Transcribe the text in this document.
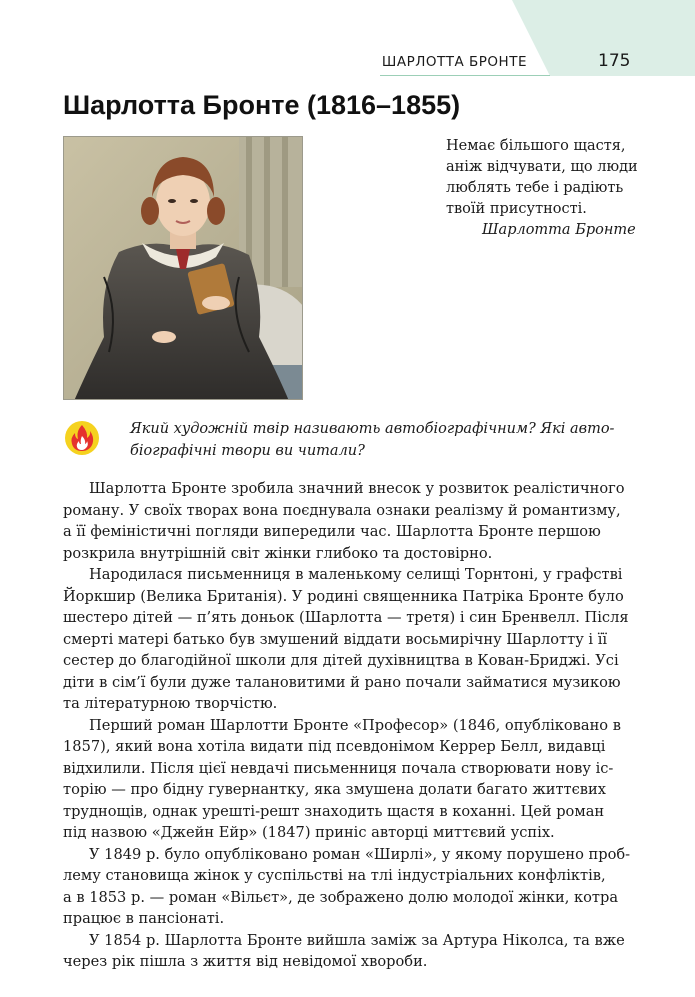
ШАРЛОТТА БРОНТЕ	175
Шарлотта Бронте (1816–1855)
Немає більшого щастя,
аніж відчувати, що люди
люблять тебе і радіють
твоїй присутності.
Шарлотта Бронте
Який художній твір називають автобіографічним? Які авто-
біографічні твори ви читали?
Шарлотта Бронте зробила значний внесок у розвиток реалістичного
роману. У своїх творах вона поєднувала ознаки реалізму й романтизму,
а її феміністичні погляди випередили час. Шарлотта Бронте першою
розкрила внутрішній світ жінки глибоко та достовірно.
Народилася письменниця в маленькому селищі Торнтоні, у графстві
Йоркшир (Велика Британія). У родині священника Патріка Бронте було
шестеро дітей — п’ять доньок (Шарлотта — третя) і син Бренвелл. Після
смерті матері батько був змушений віддати восьмирічну Шарлотту і її
сестер до благодійної школи для дітей духівництва в Кован-Бриджі. Усі
діти в сім’ї були дуже талановитими й рано почали займатися музикою
та літературною творчістю.
Перший роман Шарлотти Бронте «Професор» (1846, опубліковано в
1857), який вона хотіла видати під псевдонімом Керрер Белл, видавці
відхилили. Після цієї невдачі письменниця почала створювати нову іс-
торію — про бідну гувернантку, яка змушена долати багато життєвих
труднощів, однак урешті-решт знаходить щастя в коханні. Цей роман
під назвою «Джейн Ейр» (1847) приніс авторці миттєвий успіх.
У 1849 р. було опубліковано роман «Ширлі», у якому порушено проб-
лему становища жінок у суспільстві на тлі індустріальних конфліктів,
а в 1853 р. — роман «Вільєт», де зображено долю молодої жінки, котра
працює в пансіонаті.
У 1854 р. Шарлотта Бронте вийшла заміж за Артура Ніколса, та вже
через рік пішла з життя від невідомої хвороби.
